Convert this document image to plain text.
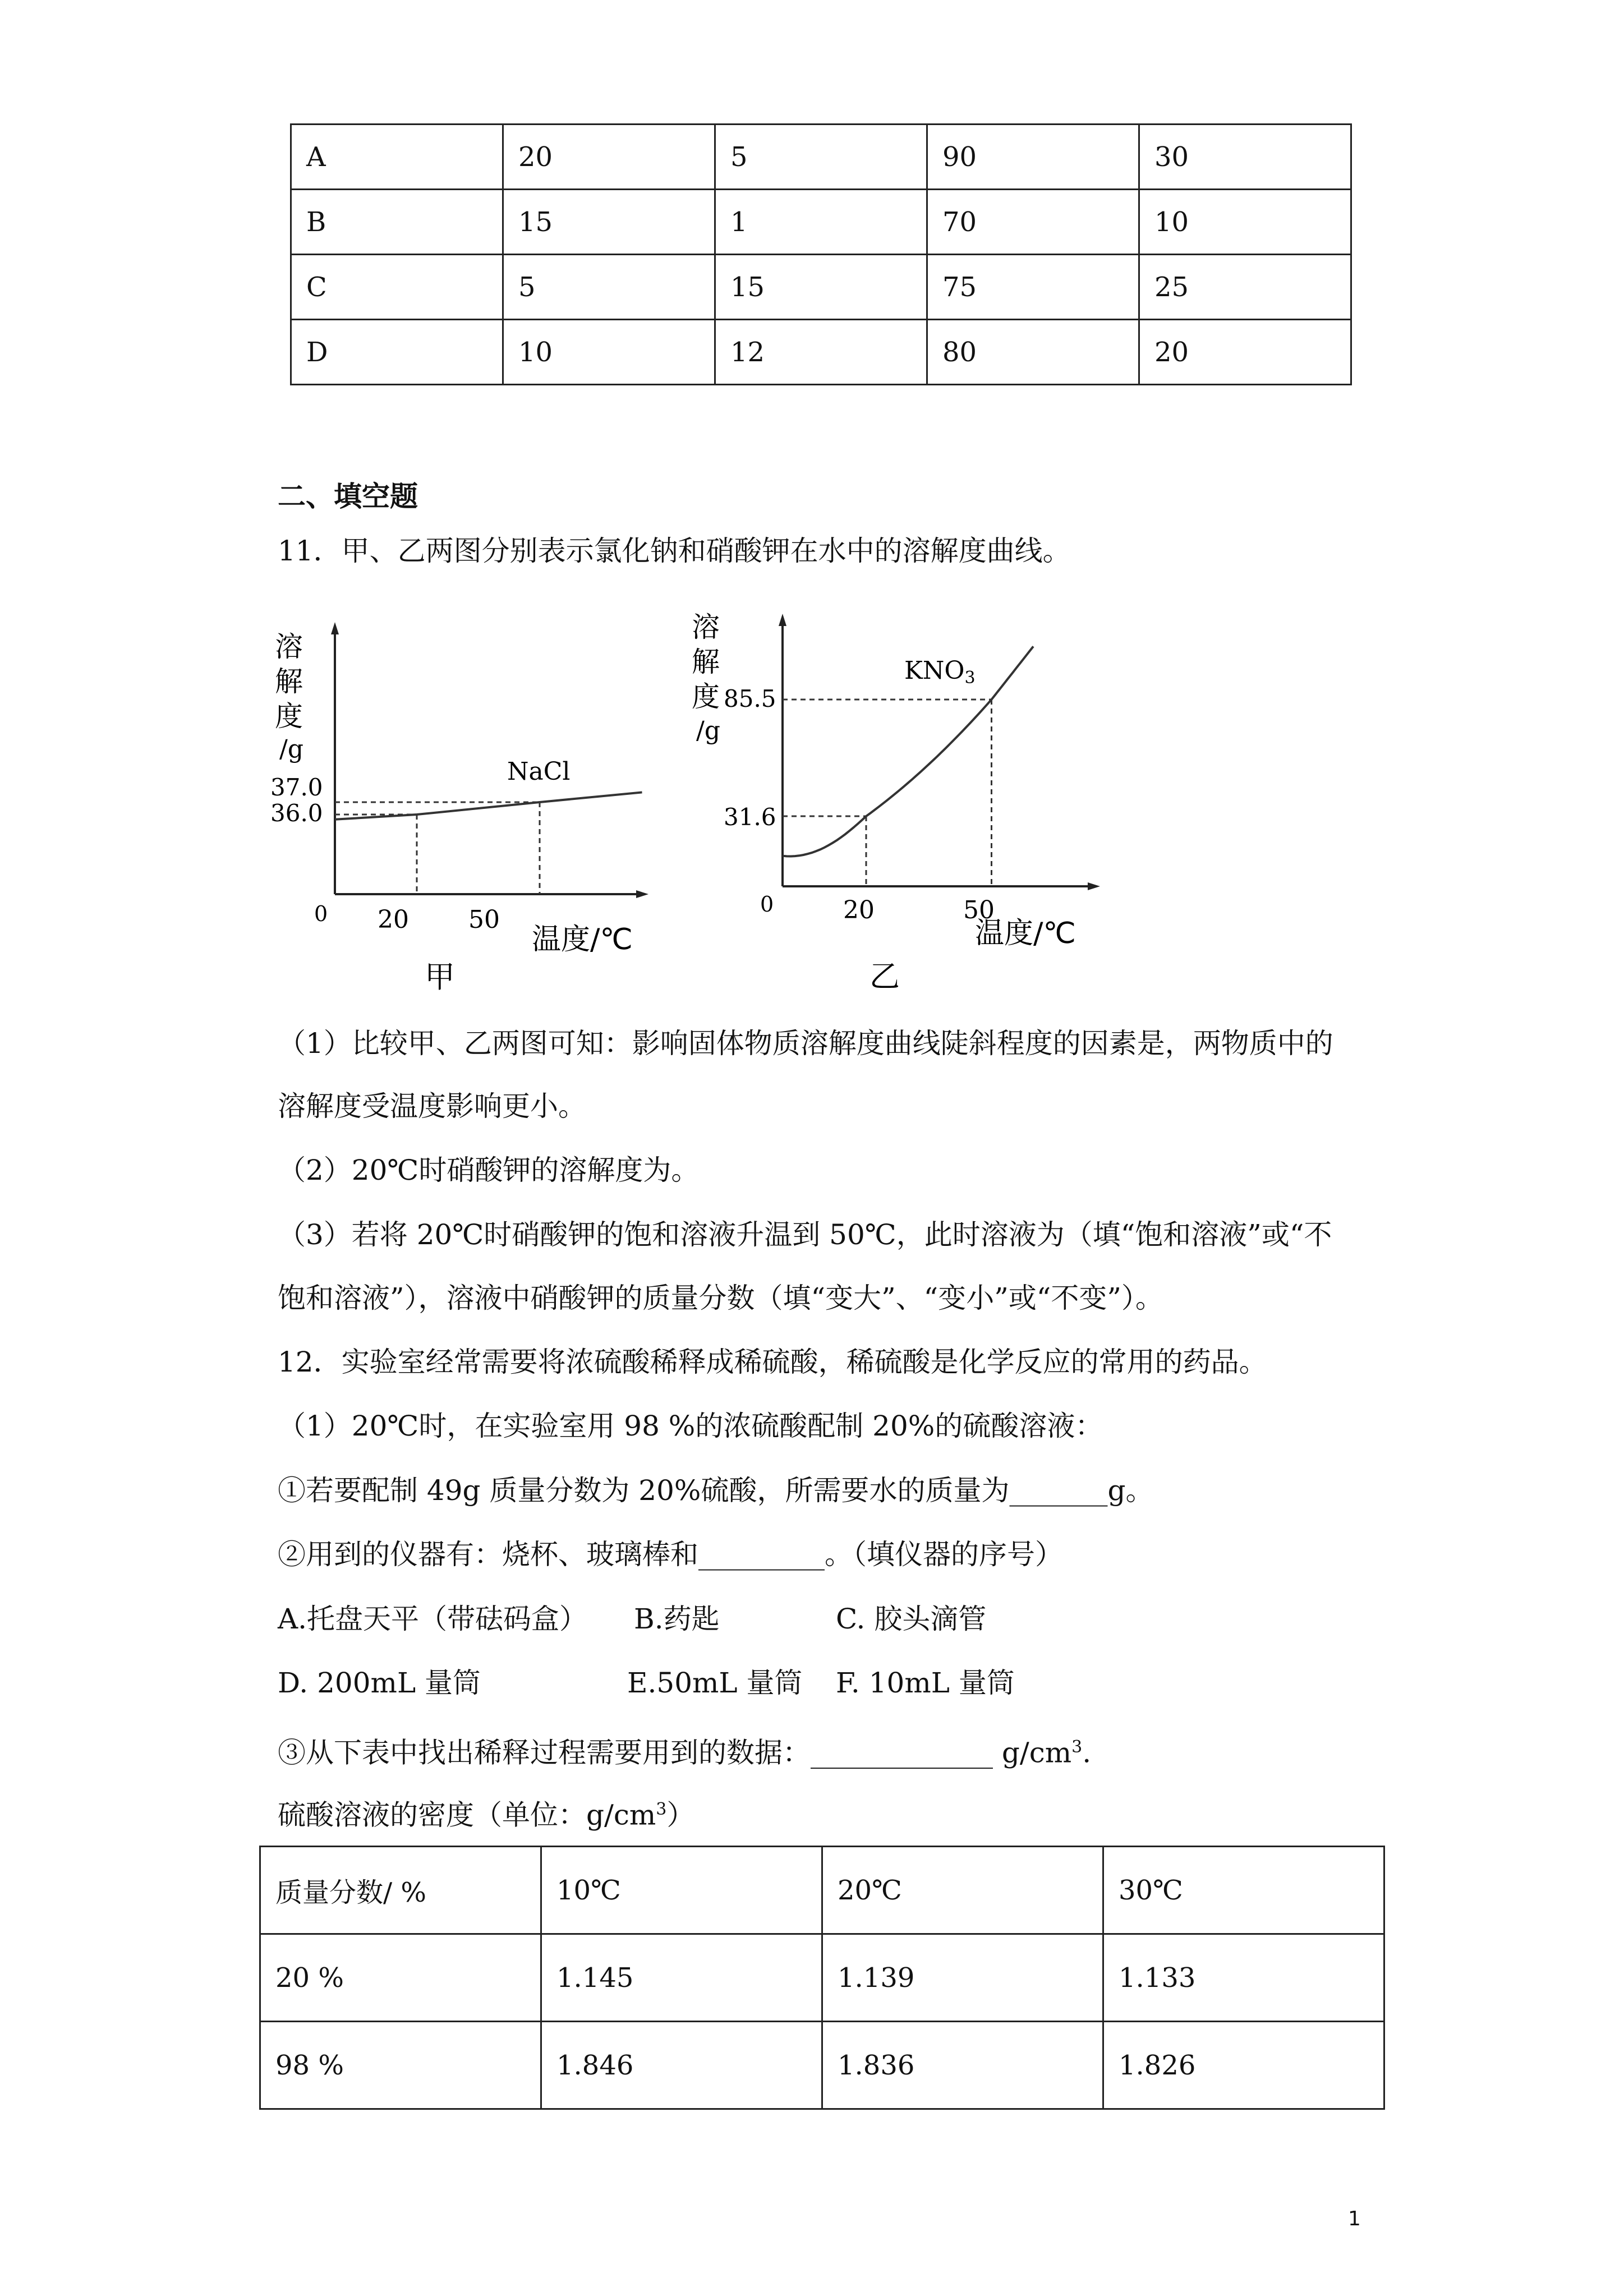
A	20	5	90	30
B	15	1	70	10
C	5	15	75	25
D	10	12	80	20
二、填空题
11．甲、乙两图分别表示氯化钠和硝酸钾在水中的溶解度曲线。
溶
解
度
/g
0 20 50
37.0
36.0
NaCl
温度/℃
甲
溶
解
度
/g
0	20	50
85.5
31.6
KNO3
温度/℃
乙
（1）比较甲、乙两图可知：影响固体物质溶解度曲线陡斜程度的因素是，两物质中的
溶解度受温度影响更小。
（2）20℃时硝酸钾的溶解度为。
（3）若将 20℃时硝酸钾的饱和溶液升温到 50℃，此时溶液为（填“饱和溶液”或“不
饱和溶液”），溶液中硝酸钾的质量分数（填“变大”、“变小”或“不变”）。
12．实验室经常需要将浓硫酸稀释成稀硫酸，稀硫酸是化学反应的常用的药品。
（1）20℃时，在实验室用 98 %的浓硫酸配制 20%的硫酸溶液：
①若要配制 49g 质量分数为 20%硫酸，所需要水的质量为_______g。
②用到的仪器有：烧杯、玻璃棒和_________。（填仪器的序号）
A.托盘天平（带砝码盒） B.药匙	C. 胶头滴管
D. 200mL 量筒	E.50mL 量筒 F. 10mL 量筒
③从下表中找出稀释过程需要用到的数据：_____________ $g/cm^3$.
硫酸溶液的密度（单位：$g/cm^3$）
质量分数/ %	10℃	20℃	30℃
20 %	1.145	1.139	1.133
98 %	1.846	1.836	1.826
1
